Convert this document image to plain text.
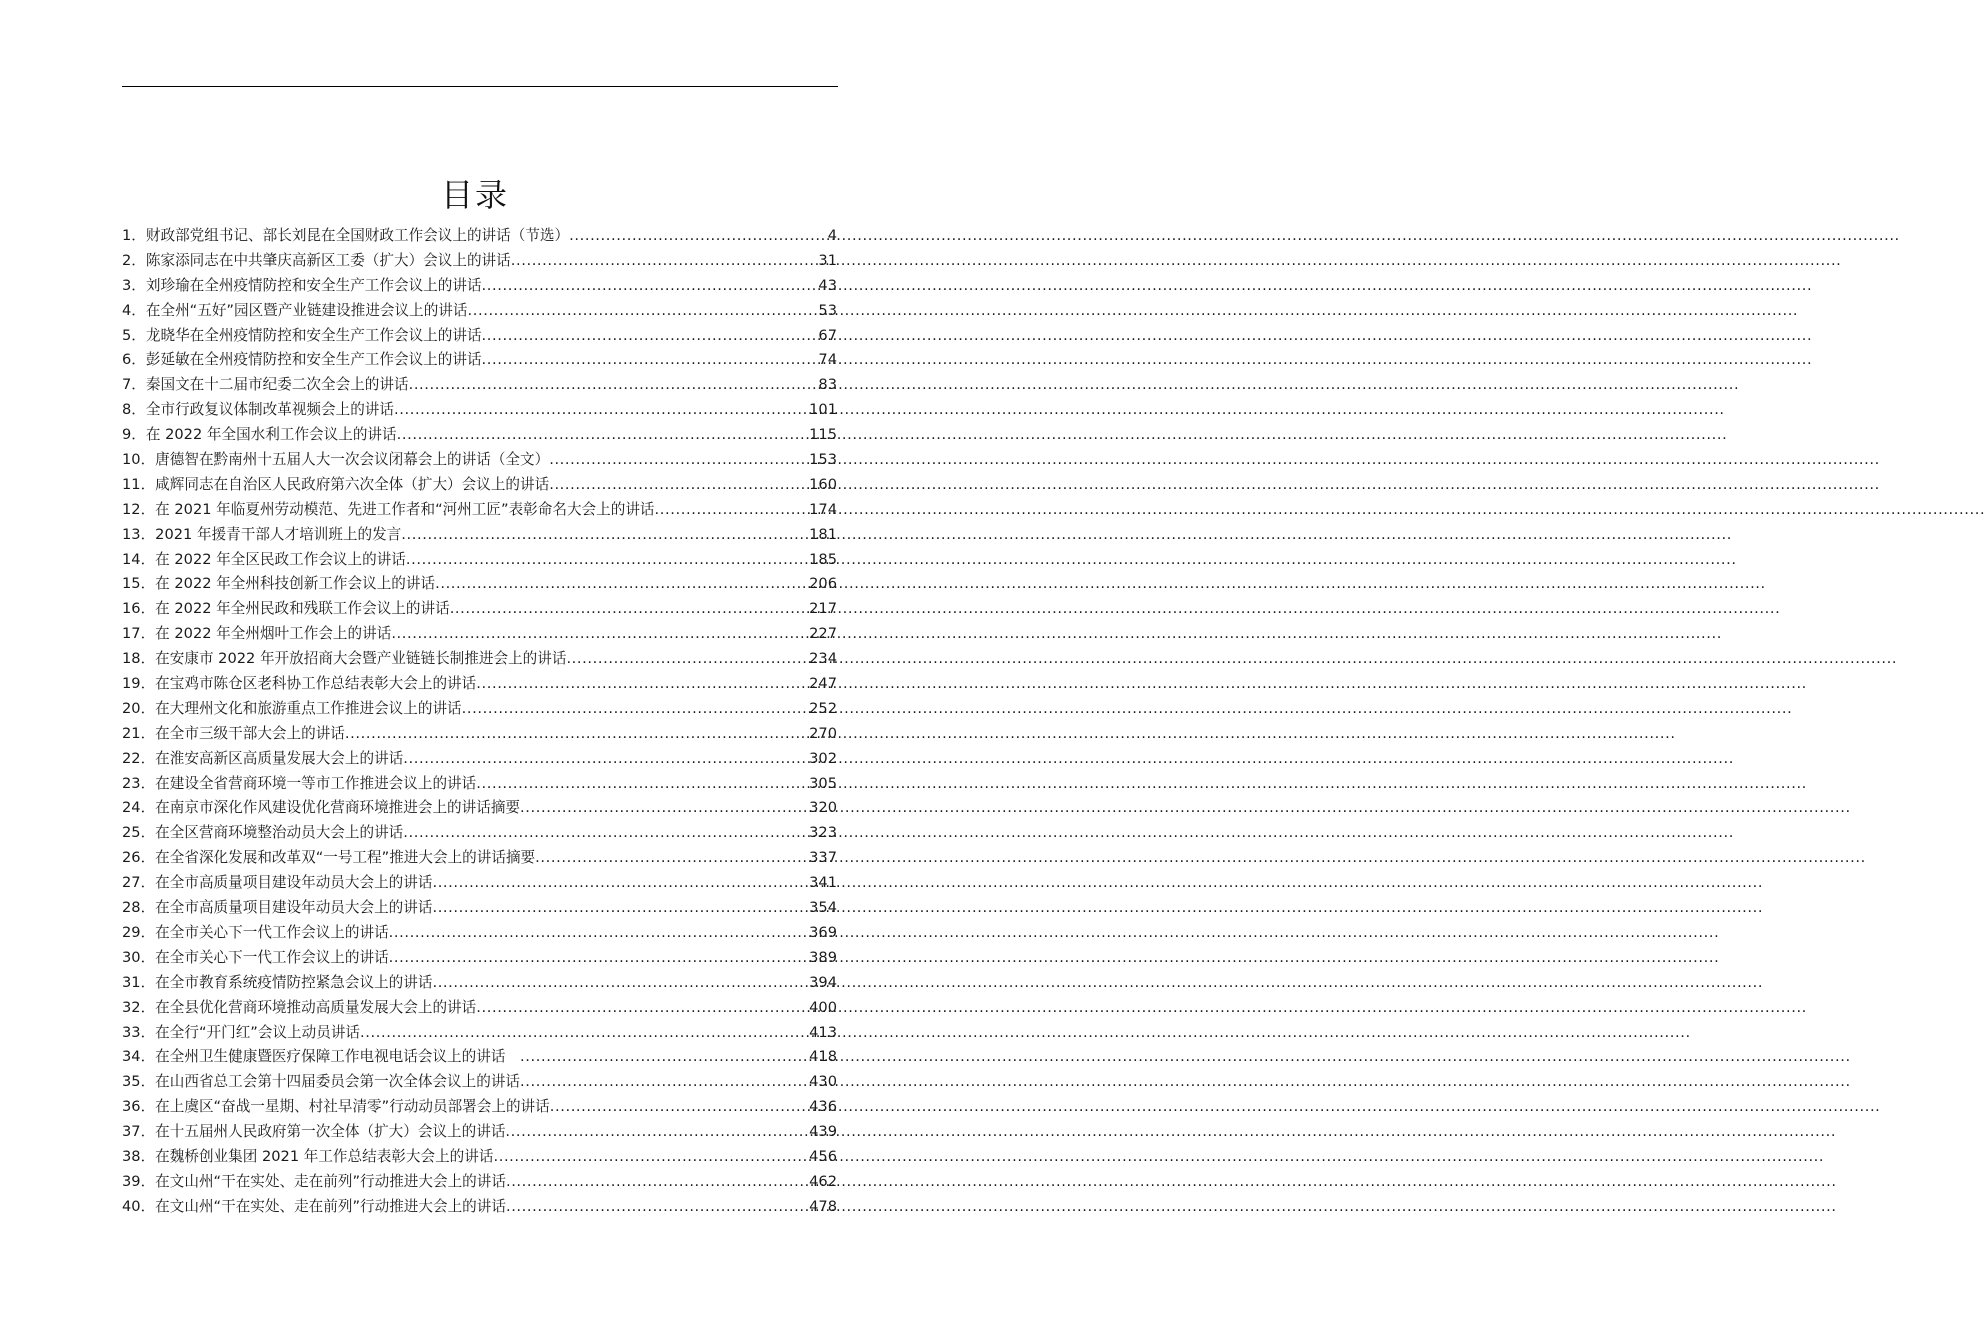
目录
1．财政部党组书记、部长刘昆在全国财政工作会议上的讲话（节选） .....	4
2．陈家添同志在中共肇庆高新区工委（扩大）会议上的讲话 .....	31
3．刘珍瑜在全州疫情防控和安全生产工作会议上的讲话 .....	43
4．在全州“五好”园区暨产业链建设推进会议上的讲话 .....	53
5．龙晓华在全州疫情防控和安全生产工作会议上的讲话 .....	67
6．彭延敏在全州疫情防控和安全生产工作会议上的讲话 .....	74
7．秦国文在十二届市纪委二次全会上的讲话 .....	83
8．全市行政复议体制改革视频会上的讲话 .....	101
9．在 2022 年全国水利工作会议上的讲话 .....	115
10．唐德智在黔南州十五届人大一次会议闭幕会上的讲话（全文） .....	153
11．咸辉同志在自治区人民政府第六次全体（扩大）会议上的讲话 .....	160
12．在 2021 年临夏州劳动模范、先进工作者和“河州工匠”表彰命名大会上的讲话 .....	174
13．2021 年援青干部人才培训班上的发言 .....	181
14．在 2022 年全区民政工作会议上的讲话 .....	185
15．在 2022 年全州科技创新工作会议上的讲话 .....	206
16．在 2022 年全州民政和残联工作会议上的讲话 .....	217
17．在 2022 年全州烟叶工作会上的讲话 .....	227
18．在安康市 2022 年开放招商大会暨产业链链长制推进会上的讲话 .....	234
19．在宝鸡市陈仓区老科协工作总结表彰大会上的讲话 .....	247
20．在大理州文化和旅游重点工作推进会议上的讲话 .....	252
21．在全市三级干部大会上的讲话 .....	270
22．在淮安高新区高质量发展大会上的讲话 .....	302
23．在建设全省营商环境一等市工作推进会议上的讲话 .....	305
24．在南京市深化作风建设优化营商环境推进会上的讲话摘要 .....	320
25．在全区营商环境整治动员大会上的讲话 .....	323
26．在全省深化发展和改革双“一号工程”推进大会上的讲话摘要 .....	337
27．在全市高质量项目建设年动员大会上的讲话 .....	341
28．在全市高质量项目建设年动员大会上的讲话 .....	354
29．在全市关心下一代工作会议上的讲话 .....	369
30．在全市关心下一代工作会议上的讲话 .....	389
31．在全市教育系统疫情防控紧急会议上的讲话 .....	394
32．在全县优化营商环境推动高质量发展大会上的讲话 .....	400
33．在全行“开门红”会议上动员讲话 .....	413
34．在全州卫生健康暨医疗保障工作电视电话会议上的讲话　 .....	418
35．在山西省总工会第十四届委员会第一次全体会议上的讲话 .....	430
36．在上虞区“奋战一星期、村社早清零”行动动员部署会上的讲话 .....	436
37．在十五届州人民政府第一次全体（扩大）会议上的讲话 .....	439
38．在魏桥创业集团 2021 年工作总结表彰大会上的讲话 .....	456
39．在文山州“干在实处、走在前列”行动推进大会上的讲话 .....	462
40．在文山州“干在实处、走在前列”行动推进大会上的讲话 .....	478
